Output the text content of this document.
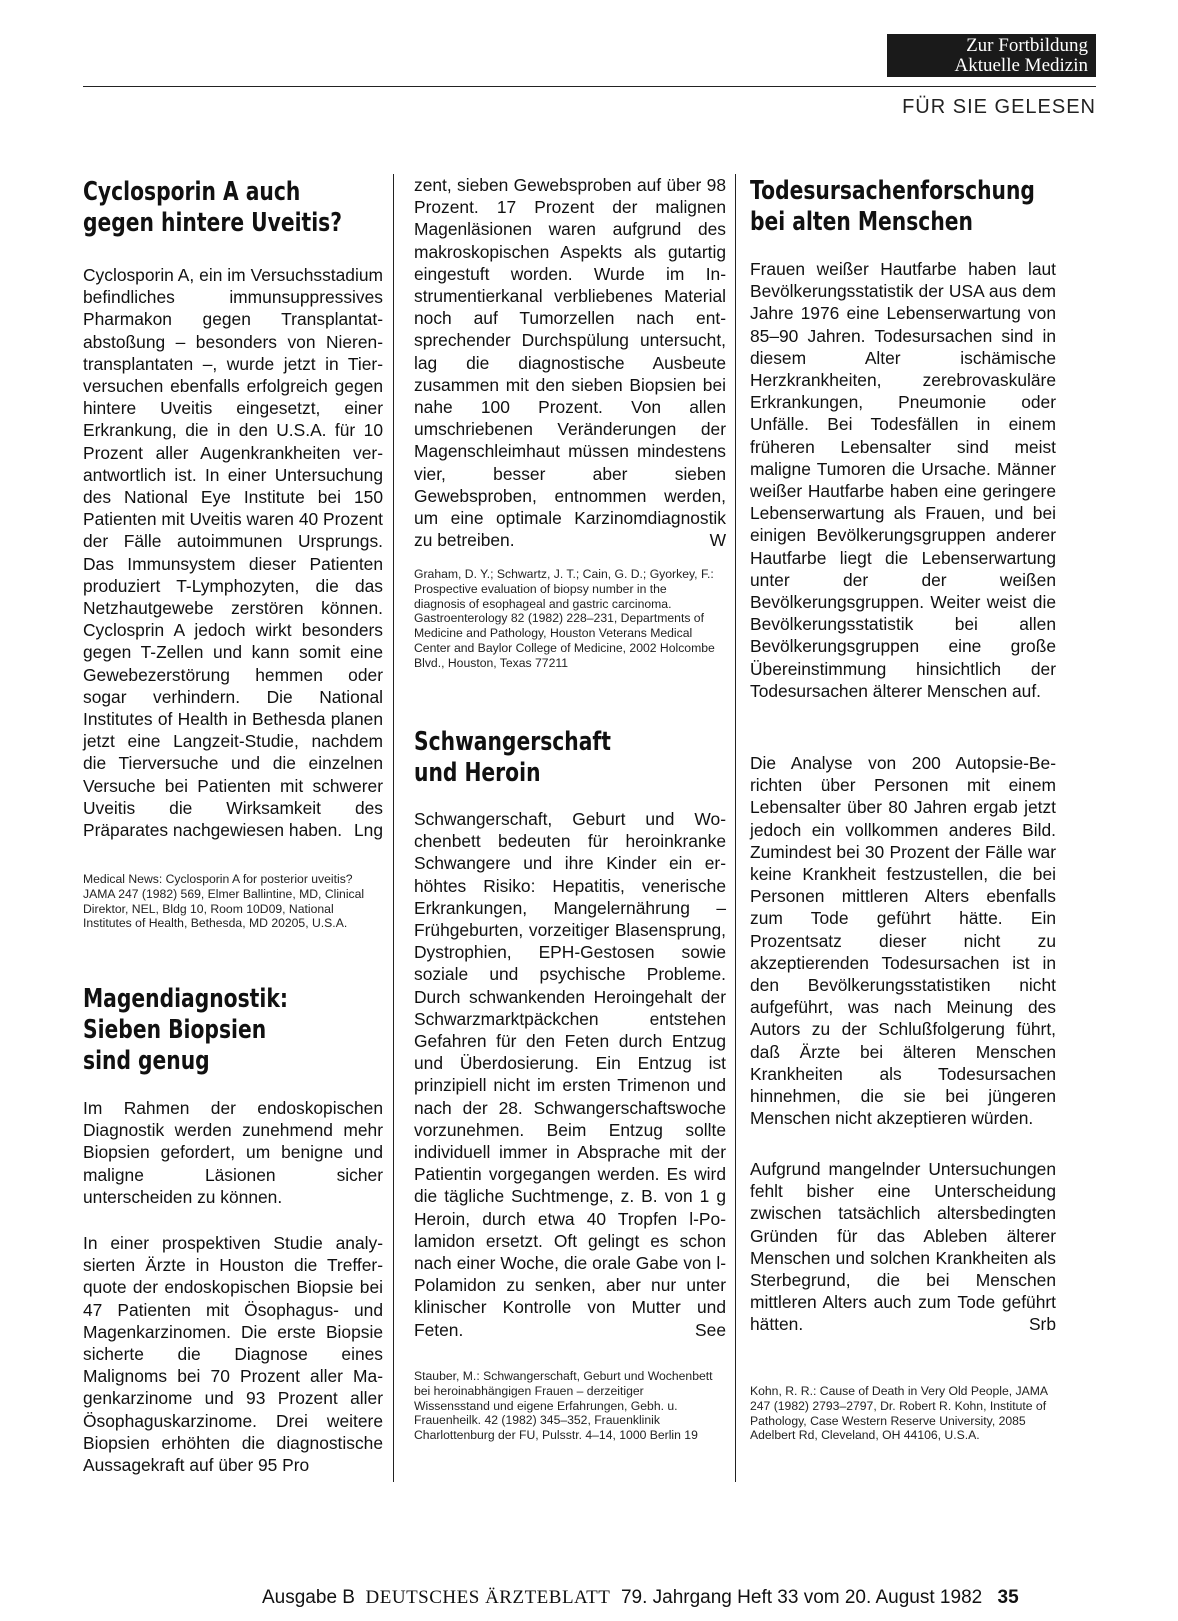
Zur Fortbildung
Aktuelle Medizin
FÜR SIE GELESEN
Cyclosporin A auch
gegen hintere Uveitis?

Cyclosporin A, ein im Versuchsstadium befindliches immunsuppressives Pharmakon gegen Transplantatabstoßung – besonders von Nierentransplantaten –, wurde jetzt in Tierversuchen ebenfalls erfolgreich gegen hintere Uveitis eingesetzt, einer Erkrankung, die in den U.S.A. für 10 Prozent aller Augenkrankheiten verantwortlich ist. In einer Untersuchung des National Eye Institute bei 150 Patienten mit Uveitis waren 40 Prozent der Fälle autoimmunen Ursprungs. Das Immunsystem dieser Patienten produziert T-Lymphozyten, die das Netzhautgewebe zerstören können. Cyclosprin A jedoch wirkt besonders gegen T-Zellen und kann somit eine Gewebezerstörung hemmen oder sogar verhindern. Die National Institutes of Health in Bethesda planen jetzt eine Langzeit-Studie, nachdem die Tierversuche und die einzelnen Versuche bei Patienten mit schwerer Uveitis die Wirksamkeit des Präparates nachgewiesen haben. Lng

Medical News: Cyclosporin A for posterior uveitis? JAMA 247 (1982) 569, Elmer Ballintine, MD, Clinical Direktor, NEL, Bldg 10, Room 10D09, National Institutes of Health, Bethesda, MD 20205, U.S.A.

Magendiagnostik:
Sieben Biopsien
sind genug

Im Rahmen der endoskopischen Diagnostik werden zunehmend mehr Biopsien gefordert, um benigne und maligne Läsionen sicher unterscheiden zu können.

In einer prospektiven Studie analysierten Ärzte in Houston die Trefferquote der endoskopischen Biopsie bei 47 Patienten mit Ösophagus- und Magenkarzinomen. Die erste Biopsie sicherte die Diagnose eines Malignoms bei 70 Prozent aller Magenkarzinome und 93 Prozent aller Ösophaguskarzinome. Drei weitere Biopsien erhöhten die diagnostische Aussagekraft auf über 95 Pro

zent, sieben Gewebsproben auf über 98 Prozent. 17 Prozent der malignen Magenläsionen waren aufgrund des makroskopischen Aspekts als gutartig eingestuft worden. Wurde im Instrumentierkanal verbliebenes Material noch auf Tumorzellen nach entsprechender Durchspülung untersucht, lag die diagnostische Ausbeute zusammen mit den sieben Biopsien bei nahe 100 Prozent. Von allen umschriebenen Veränderungen der Magenschleimhaut müssen mindestens vier, besser aber sieben Gewebsproben, entnommen werden, um eine optimale Karzinomdiagnostik zu betreiben.	W

Graham, D. Y.; Schwartz, J. T.; Cain, G. D.; Gyorkey, F.: Prospective evaluation of biopsy number in the diagnosis of esophageal and gastric carcinoma. Gastroenterology 82 (1982) 228–231, Departments of Medicine and Pathology, Houston Veterans Medical Center and Baylor College of Medicine, 2002 Holcombe Blvd., Houston, Texas 77211

Schwangerschaft
und Heroin

Schwangerschaft, Geburt und Wochenbett bedeuten für heroinkranke Schwangere und ihre Kinder ein erhöhtes Risiko: Hepatitis, venerische Erkrankungen, Mangelernährung – Frühgeburten, vorzeitiger Blasensprung, Dystrophien, EPH-Gestosen sowie soziale und psychische Probleme. Durch schwankenden Heroingehalt der Schwarzmarktpäckchen entstehen Gefahren für den Feten durch Entzug und Überdosierung. Ein Entzug ist prinzipiell nicht im ersten Trimenon und nach der 28. Schwangerschaftswoche vorzunehmen. Beim Entzug sollte individuell immer in Absprache mit der Patientin vorgegangen werden. Es wird die tägliche Suchtmenge, z. B. von 1 g Heroin, durch etwa 40 Tropfen l-Polamidon ersetzt. Oft gelingt es schon nach einer Woche, die orale Gabe von l-Polamidon zu senken, aber nur unter klinischer Kontrolle von Mutter und Feten.	See

Stauber, M.: Schwangerschaft, Geburt und Wochenbett bei heroinabhängigen Frauen – derzeitiger Wissensstand und eigene Erfahrungen, Gebh. u. Frauenheilk. 42 (1982) 345–352, Frauenklinik Charlottenburg der FU, Pulsstr. 4–14, 1000 Berlin 19

Todesursachenforschung
bei alten Menschen

Frauen weißer Hautfarbe haben laut Bevölkerungsstatistik der USA aus dem Jahre 1976 eine Lebenserwartung von 85–90 Jahren. Todesursachen sind in diesem Alter ischämische Herzkrankheiten, zerebrovaskuläre Erkrankungen, Pneumonie oder Unfälle. Bei Todesfällen in einem früheren Lebensalter sind meist maligne Tumoren die Ursache. Männer weißer Hautfarbe haben eine geringere Lebenserwartung als Frauen, und bei einigen Bevölkerungsgruppen anderer Hautfarbe liegt die Lebenserwartung unter der der weißen Bevölkerungsgruppen. Weiter weist die Bevölkerungsstatistik bei allen Bevölkerungsgruppen eine große Übereinstimmung hinsichtlich der Todesursachen älterer Menschen auf.

Die Analyse von 200 Autopsie-Berichten über Personen mit einem Lebensalter über 80 Jahren ergab jetzt jedoch ein vollkommen anderes Bild. Zumindest bei 30 Prozent der Fälle war keine Krankheit festzustellen, die bei Personen mittleren Alters ebenfalls zum Tode geführt hätte. Ein Prozentsatz dieser nicht zu akzeptierenden Todesursachen ist in den Bevölkerungsstatistiken nicht aufgeführt, was nach Meinung des Autors zu der Schlußfolgerung führt, daß Ärzte bei älteren Menschen Krankheiten als Todesursachen hinnehmen, die sie bei jüngeren Menschen nicht akzeptieren würden.

Aufgrund mangelnder Untersuchungen fehlt bisher eine Unterscheidung zwischen tatsächlich altersbedingten Gründen für das Ableben älterer Menschen und solchen Krankheiten als Sterbegrund, die bei Menschen mittleren Alters auch zum Tode geführt hätten.	Srb

Kohn, R. R.: Cause of Death in Very Old People, JAMA 247 (1982) 2793–2797, Dr. Robert R. Kohn, Institute of Pathology, Case Western Reserve University, 2085 Adelbert Rd, Cleveland, OH 44106, U.S.A.

Ausgabe B DEUTSCHES ÄRZTEBLATT 79. Jahrgang Heft 33 vom 20. August 1982 35
